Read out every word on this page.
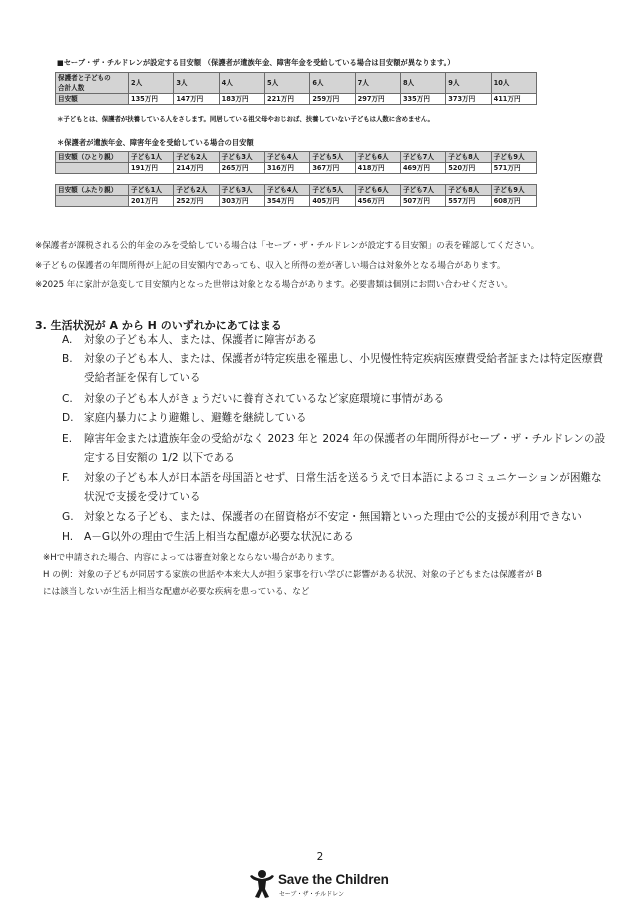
■セーブ・ザ・チルドレンが設定する目安額 （保護者が遺族年金、障害年金を受給している場合は目安額が異なります。）
保護者と子どもの
合計人数	2人	3人	4人	5人	6人	7人	8人	9人	10人
目安額	135万円	147万円	183万円	221万円	259万円	297万円	335万円	373万円	411万円
＊子どもとは、保護者が扶養している人をさします。同居している祖父母やおじおば、扶養していない子どもは人数に含めません。
＊保護者が遺族年金、障害年金を受給している場合の目安額
目安額（ひとり親）	子ども1人	子ども2人	子ども3人	子ども4人	子ども5人	子ども6人	子ども7人	子ども8人	子ども9人
	191万円	214万円	265万円	316万円	367万円	418万円	469万円	520万円	571万円
目安額（ふたり親）	子ども1人	子ども2人	子ども3人	子ども4人	子ども5人	子ども6人	子ども7人	子ども8人	子ども9人
	201万円	252万円	303万円	354万円	405万円	456万円	507万円	557万円	608万円
※保護者が課税される公的年金のみを受給している場合は「セーブ・ザ・チルドレンが設定する目安額」の表を確認してください。
※子どもの保護者の年間所得が上記の目安額内であっても、収入と所得の差が著しい場合は対象外となる場合があります。
※2025 年に家計が急変して目安額内となった世帯は対象となる場合があります。必要書類は個別にお問い合わせください。
3. 生活状況が A から H のいずれかにあてはまる
A. 対象の子ども本人、または、保護者に障害がある
B. 対象の子ども本人、または、保護者が特定疾患を罹患し、小児慢性特定疾病医療費受給者証または特定医療費受給者証を保有している
C. 対象の子ども本人がきょうだいに養育されているなど家庭環境に事情がある
D. 家庭内暴力により避難し、避難を継続している
E. 障害年金または遺族年金の受給がなく 2023 年と 2024 年の保護者の年間所得がセーブ・ザ・チルドレンの設定する目安額の 1/2 以下である
F. 対象の子ども本人が日本語を母国語とせず、日常生活を送るうえで日本語によるコミュニケーションが困難な状況で支援を受けている
G. 対象となる子ども、または、保護者の在留資格が不安定・無国籍といった理由で公的支援が利用できない
H. A－G以外の理由で生活上相当な配慮が必要な状況にある
※Hで申請された場合、内容によっては審査対象とならない場合があります。
H の例：対象の子どもが同居する家族の世話や本来大人が担う家事を行い学びに影響がある状況、対象の子どもまたは保護者が B
には該当しないが生活上相当な配慮が必要な疾病を患っている、など
2
Save the Children
セーブ・ザ・チルドレン
